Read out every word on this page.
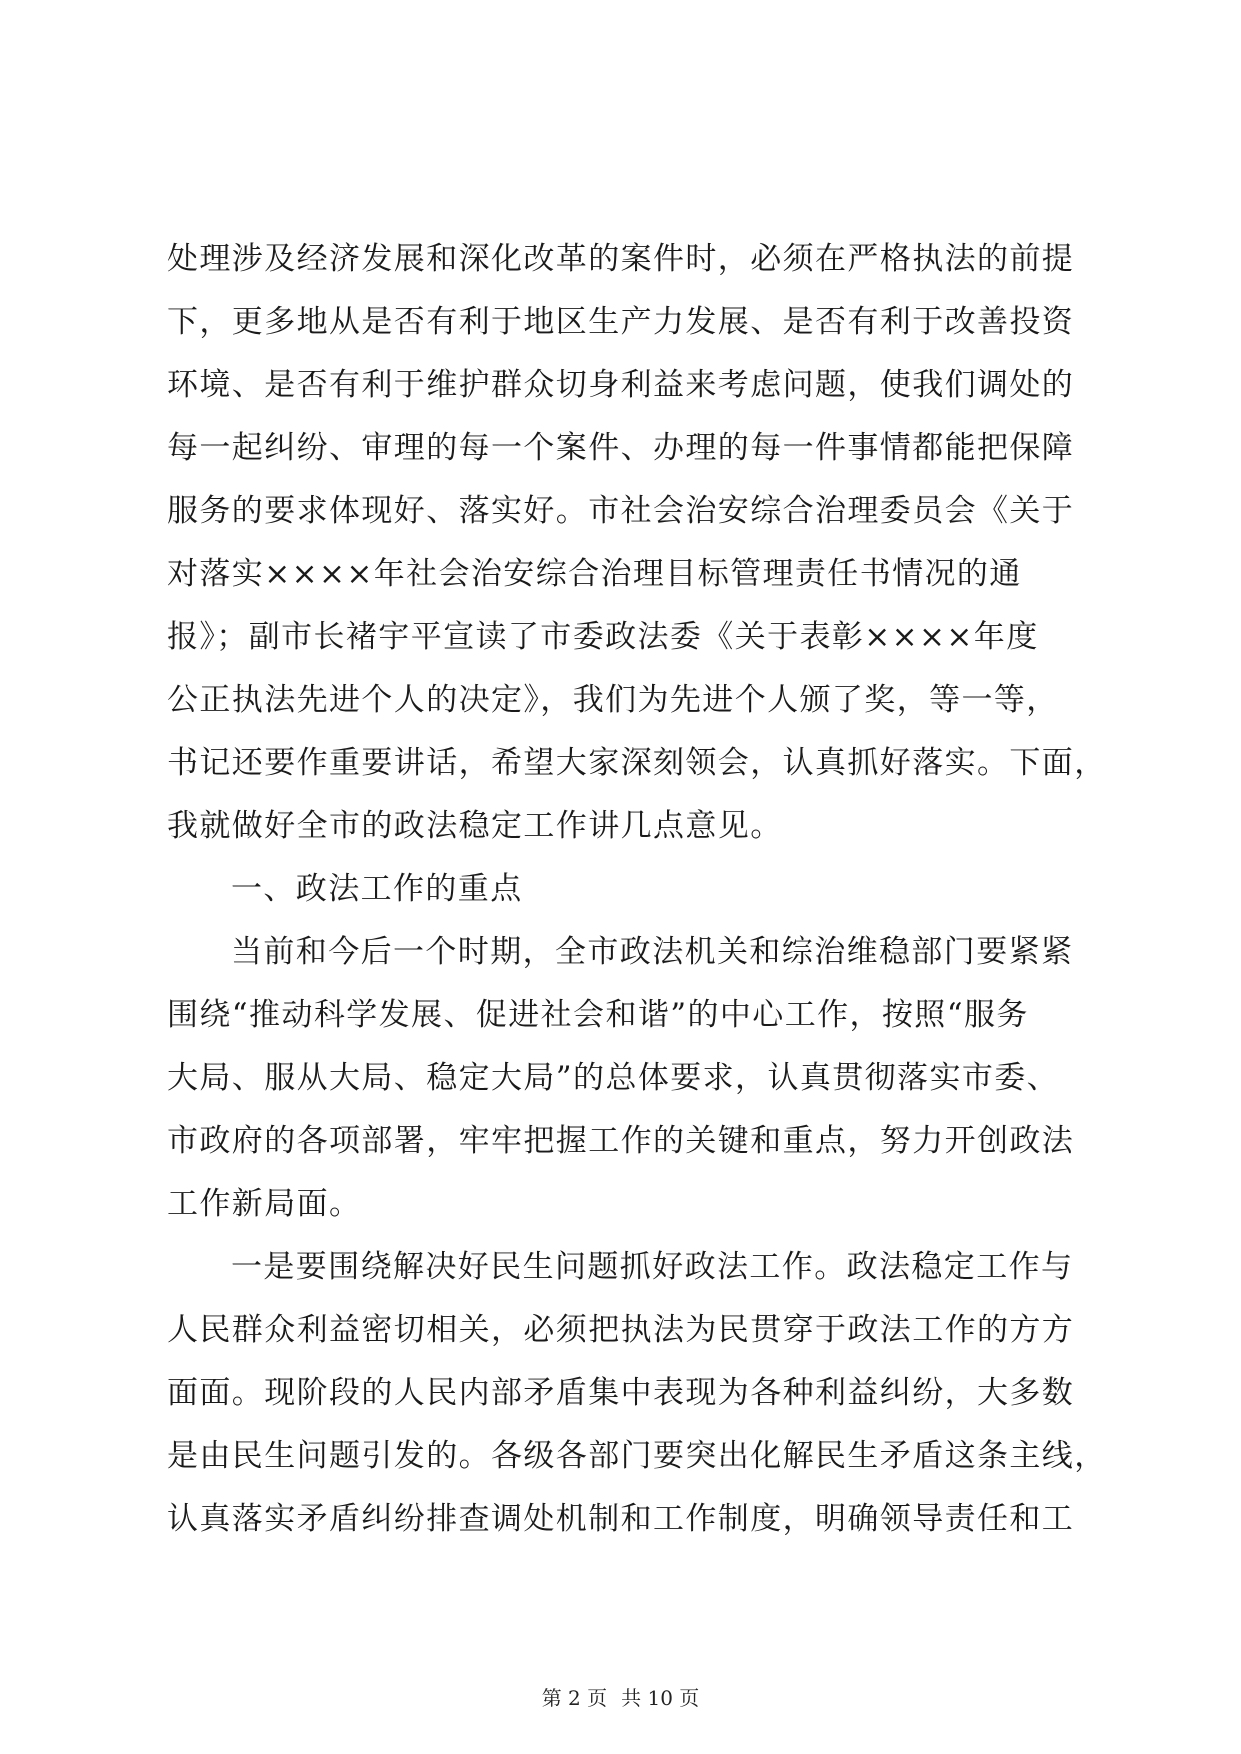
处理涉及经济发展和深化改革的案件时，必须在严格执法的前提
下，更多地从是否有利于地区生产力发展、是否有利于改善投资
环境、是否有利于维护群众切身利益来考虑问题，使我们调处的
每一起纠纷、审理的每一个案件、办理的每一件事情都能把保障
服务的要求体现好、落实好。市社会治安综合治理委员会《关于
对落实××××年社会治安综合治理目标管理责任书情况的通
报》；副市长褚宇平宣读了市委政法委《关于表彰××××年度
公正执法先进个人的决定》，我们为先进个人颁了奖，等一等，
书记还要作重要讲话，希望大家深刻领会，认真抓好落实。下面，
我就做好全市的政法稳定工作讲几点意见。
一、政法工作的重点
当前和今后一个时期，全市政法机关和综治维稳部门要紧紧
围绕“推动科学发展、促进社会和谐”的中心工作，按照“服务
大局、服从大局、稳定大局”的总体要求，认真贯彻落实市委、
市政府的各项部署，牢牢把握工作的关键和重点，努力开创政法
工作新局面。
一是要围绕解决好民生问题抓好政法工作。政法稳定工作与
人民群众利益密切相关，必须把执法为民贯穿于政法工作的方方
面面。现阶段的人民内部矛盾集中表现为各种利益纠纷，大多数
是由民生问题引发的。各级各部门要突出化解民生矛盾这条主线，
认真落实矛盾纠纷排查调处机制和工作制度，明确领导责任和工
第 2 页 共 10 页
